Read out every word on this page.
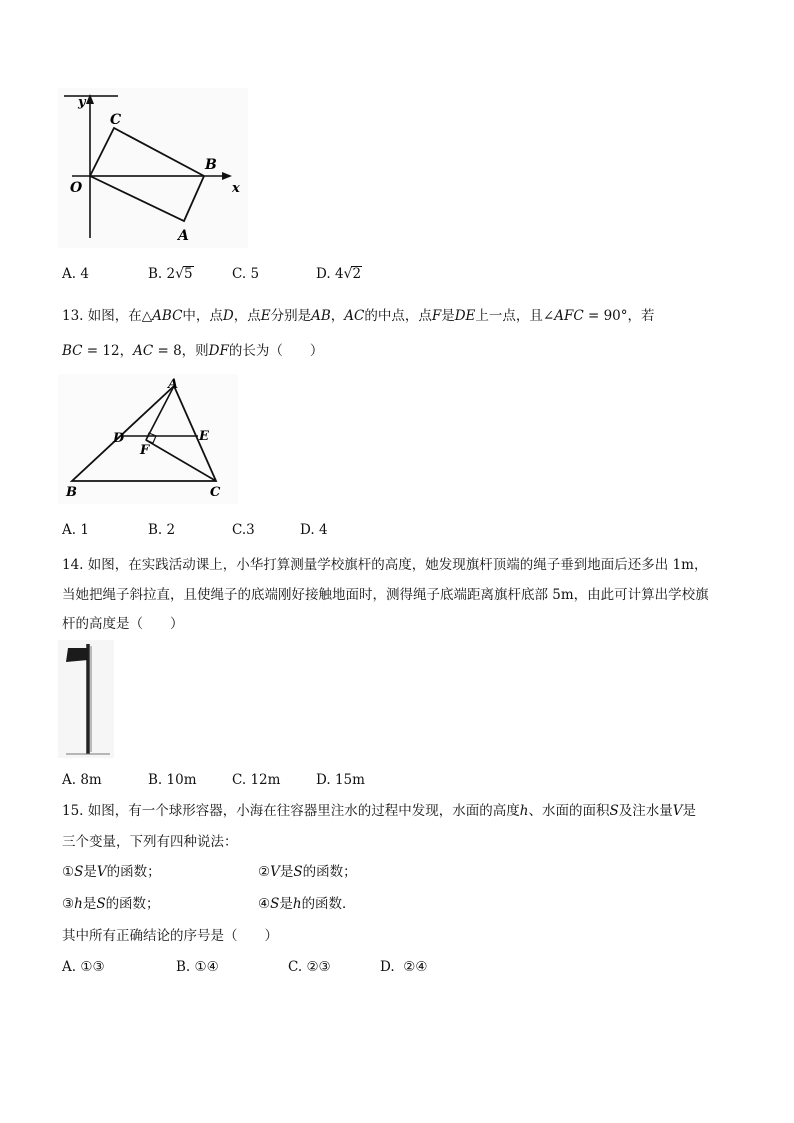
y
x
C
B
O
A
A. 4	B. 2√5	C. 5	D. 4√2
13. 如图，在△ABC中，点D，点E分别是AB，AC的中点，点F是DE上一点，且∠AFC = 90°，若
BC = 12，AC = 8，则DF的长为（　　）
A
D	E
F
B	C
A. 1	B. 2	C.3	D. 4
14. 如图，在实践活动课上，小华打算测量学校旗杆的高度，她发现旗杆顶端的绳子垂到地面后还多出 1m，
当她把绳子斜拉直，且使绳子的底端刚好接触地面时，测得绳子底端距离旗杆底部 5m，由此可计算出学校旗
杆的高度是（　　）
A. 8m	B. 10m	C. 12m	D. 15m
15. 如图，有一个球形容器，小海在往容器里注水的过程中发现，水面的高度h、水面的面积S及注水量V是
三个变量，下列有四种说法：
①S是V的函数；	②V是S的函数；
③h是S的函数；	④S是h的函数．
其中所有正确结论的序号是（　　）
A. ①③	B. ①④	C. ②③	D. ②④
